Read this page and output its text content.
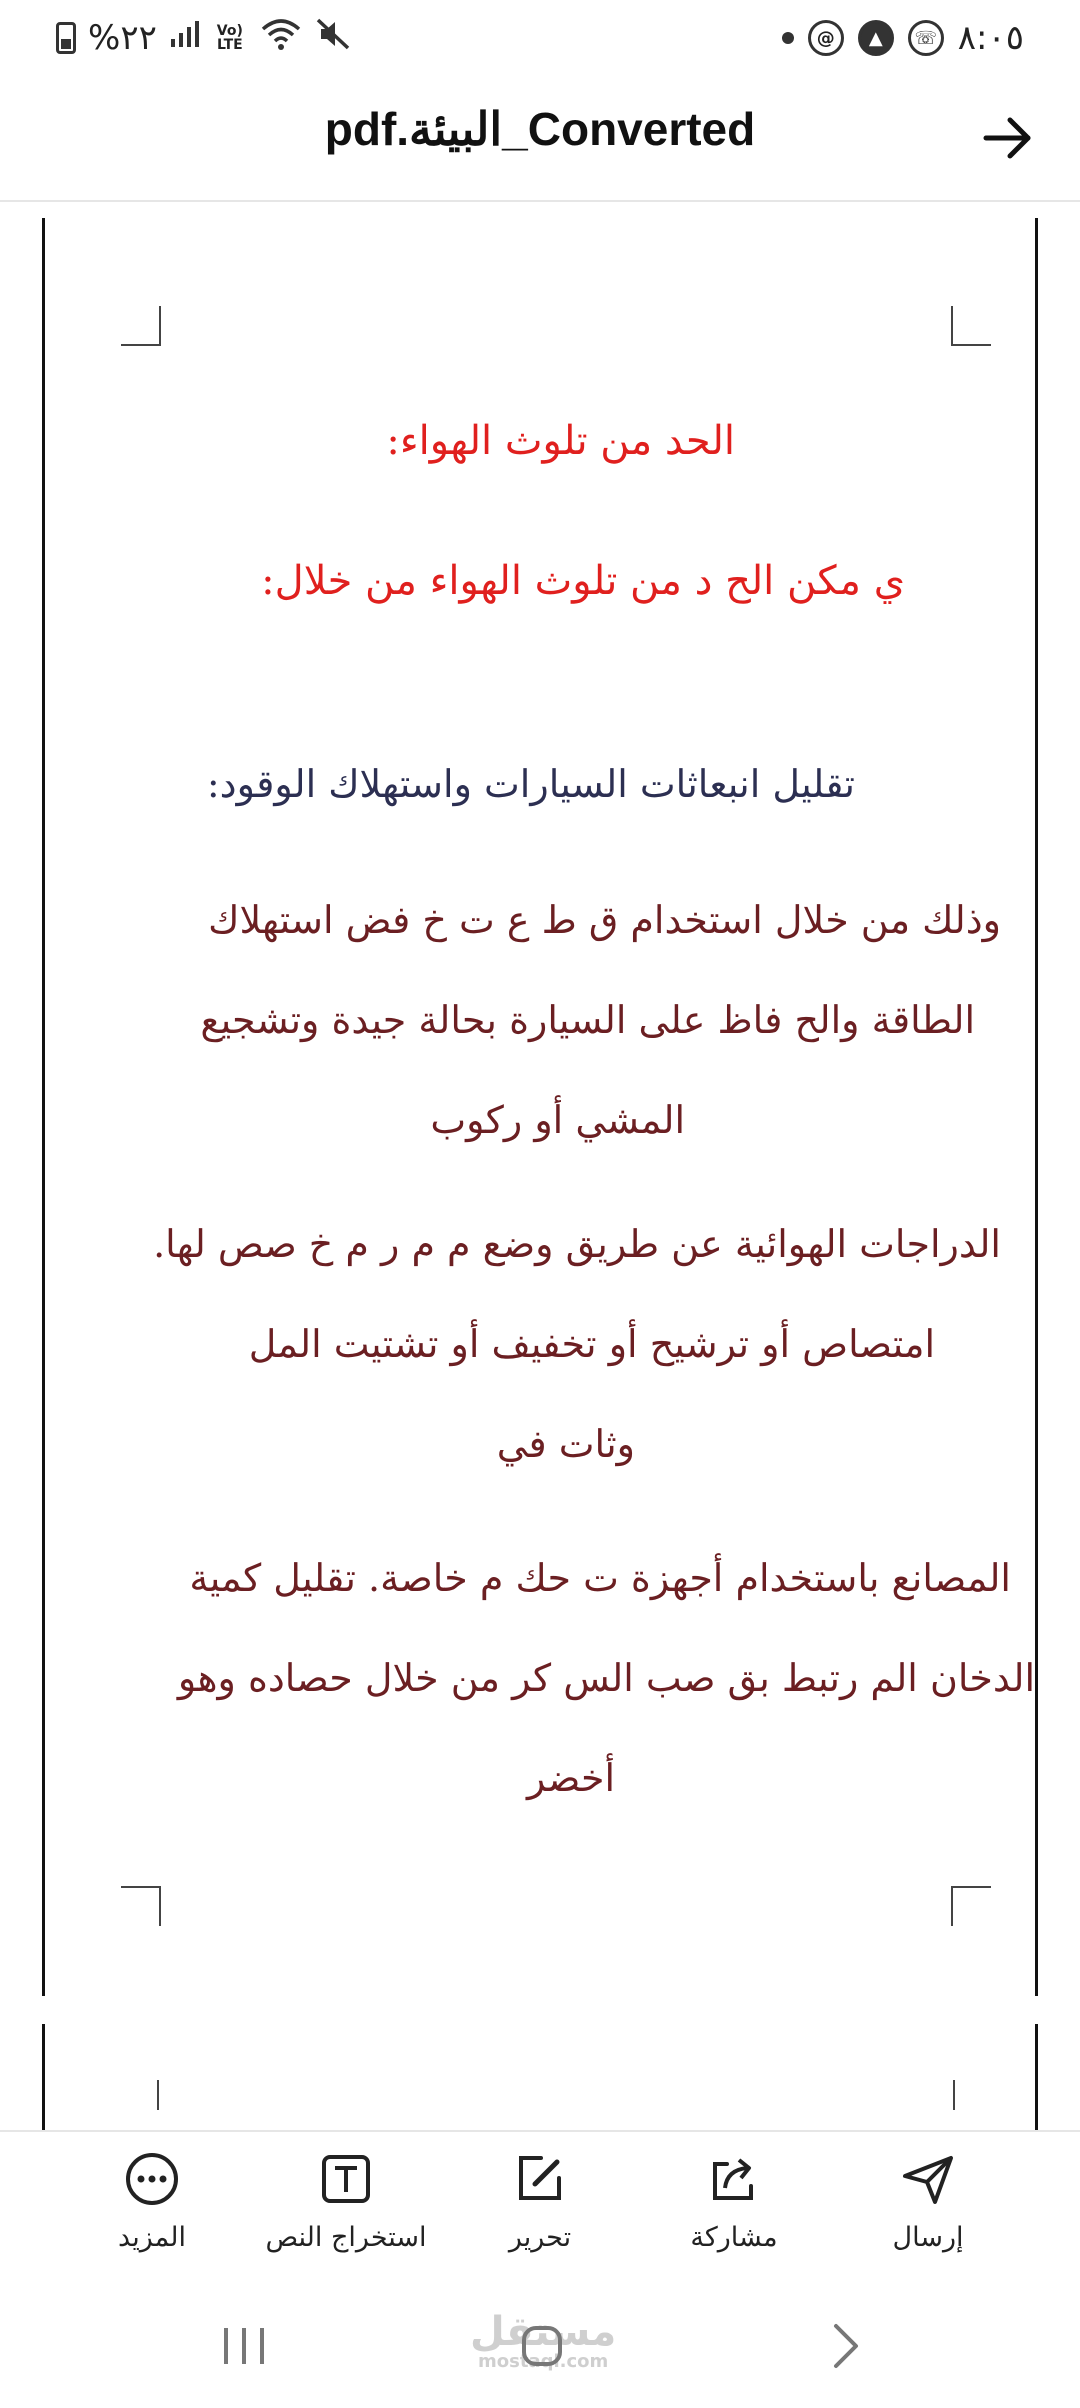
%٢٢	Vo) LTE	@	▲	☏ ٨:٠٥
Converted_البيئة.pdf
الحد من تلوث الهواء:
ي مكن الح د من تلوث الهواء من خلال:
تقليل انبعاثات السيارات واستهلاك الوقود:
وذلك من خلال استخدام ق ط ع ت خ فض استهلاك
الطاقة والح فاظ على السيارة بحالة جيدة وتشجيع
المشي أو ركوب
الدراجات الهوائية عن طريق وضع م م ر م خ صص لها.
امتصاص أو ترشيح أو تخفيف أو تشتيت المل
وثات في
المصانع باستخدام أجهزة ت حك م خاصة. تقليل كمية
الدخان الم رتبط بق صب الس كر من خلال حصاده وهو
أخضر
المزيد	استخراج النص	تحرير	مشاركة	إرسال
مستقل
mostaql.com
